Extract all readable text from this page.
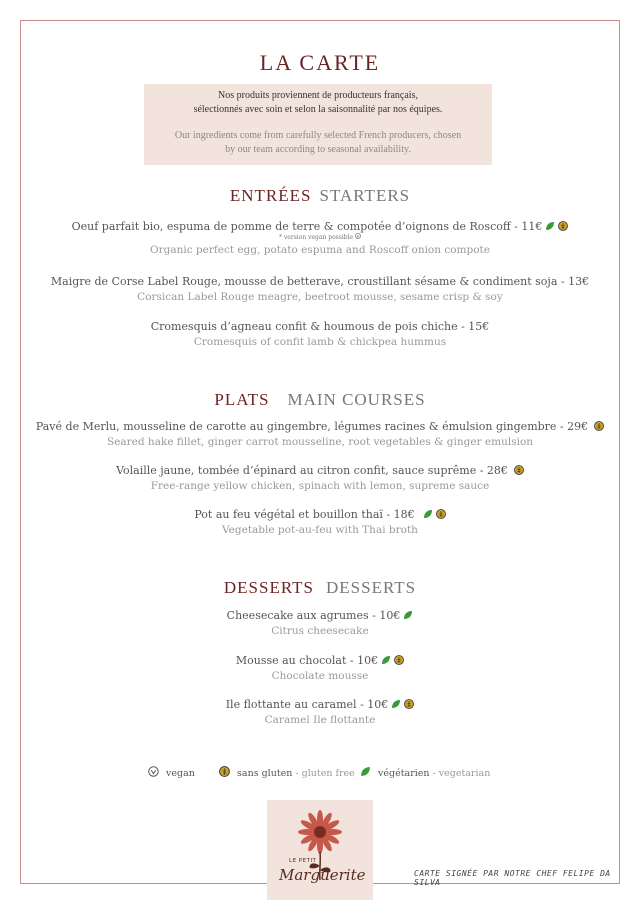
LA CARTE
Nos produits proviennent de producteurs français,
sélectionnés avec soin et selon la saisonnalité par nos équipes.
Our ingredients come from carefully selected French producers, chosen
by our team according to seasonal availability.
ENTRÉES STARTERS
Oeuf parfait bio, espuma de pomme de terre & compotée d’oignons de Roscoff - 11€
* version vegan possible
Organic perfect egg, potato espuma and Roscoff onion compote
Maigre de Corse Label Rouge, mousse de betterave, croustillant sésame & condiment soja - 13€
Corsican Label Rouge meagre, beetroot mousse, sesame crisp & soy
Cromesquis d’agneau confit & houmous de pois chiche - 15€
Cromesquis of confit lamb & chickpea hummus
PLATS MAIN COURSES
Pavé de Merlu, mousseline de carotte au gingembre, légumes racines & émulsion gingembre - 29€
Seared hake fillet, ginger carrot mousseline, root vegetables & ginger emulsion
Volaille jaune, tombée d’épinard au citron confit, sauce suprême - 28€
Free-range yellow chicken, spinach with lemon, supreme sauce
Pot au feu végétal et bouillon thaï - 18€
Vegetable pot-au-feu with Thai broth
DESSERTS DESSERTS
Cheesecake aux agrumes - 10€
Citrus cheesecake
Mousse au chocolat - 10€
Chocolate mousse
Ile flottante au caramel - 10€
Caramel Ile flottante
vegan	sans gluten - gluten free	végétarien - vegetarian
LE PETIT
Marguerite	CARTE SIGNÉE PAR NOTRE CHEF FELIPE DA SILVA
